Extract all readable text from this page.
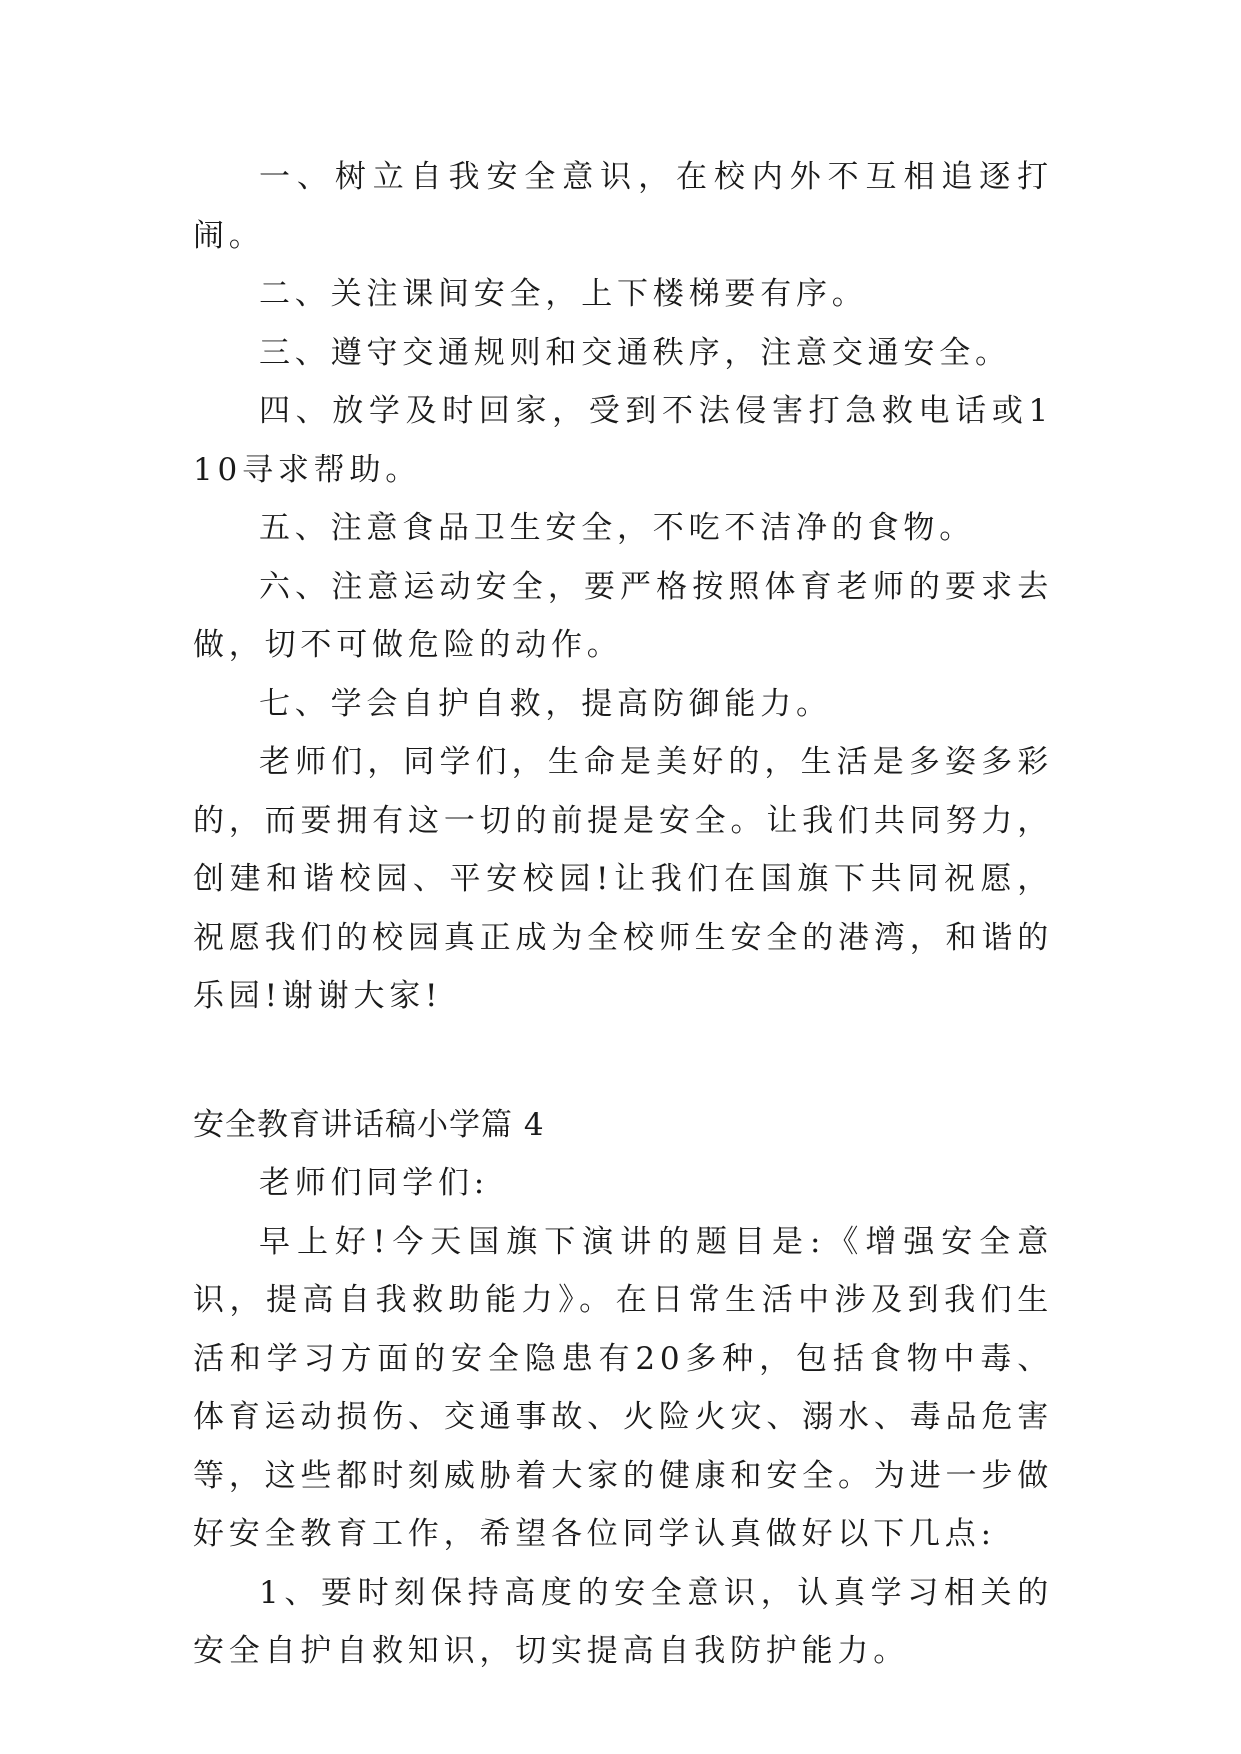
一、树立自我安全意识，在校内外不互相追逐打闹。

二、关注课间安全，上下楼梯要有序。

三、遵守交通规则和交通秩序，注意交通安全。

四、放学及时回家，受到不法侵害打急救电话或110寻求帮助。

五、注意食品卫生安全，不吃不洁净的食物。

六、注意运动安全，要严格按照体育老师的要求去做，切不可做危险的动作。

七、学会自护自救，提高防御能力。

老师们，同学们，生命是美好的，生活是多姿多彩的，而要拥有这一切的前提是安全。让我们共同努力，创建和谐校园、平安校园!让我们在国旗下共同祝愿，祝愿我们的校园真正成为全校师生安全的港湾，和谐的乐园!谢谢大家!

安全教育讲话稿小学篇 4

老师们同学们:

早上好!今天国旗下演讲的题目是:《增强安全意识，提高自我救助能力》。在日常生活中涉及到我们生活和学习方面的安全隐患有20多种，包括食物中毒、体育运动损伤、交通事故、火险火灾、溺水、毒品危害等，这些都时刻威胁着大家的健康和安全。为进一步做好安全教育工作，希望各位同学认真做好以下几点:

1、要时刻保持高度的安全意识，认真学习相关的安全自护自救知识，切实提高自我防护能力。
